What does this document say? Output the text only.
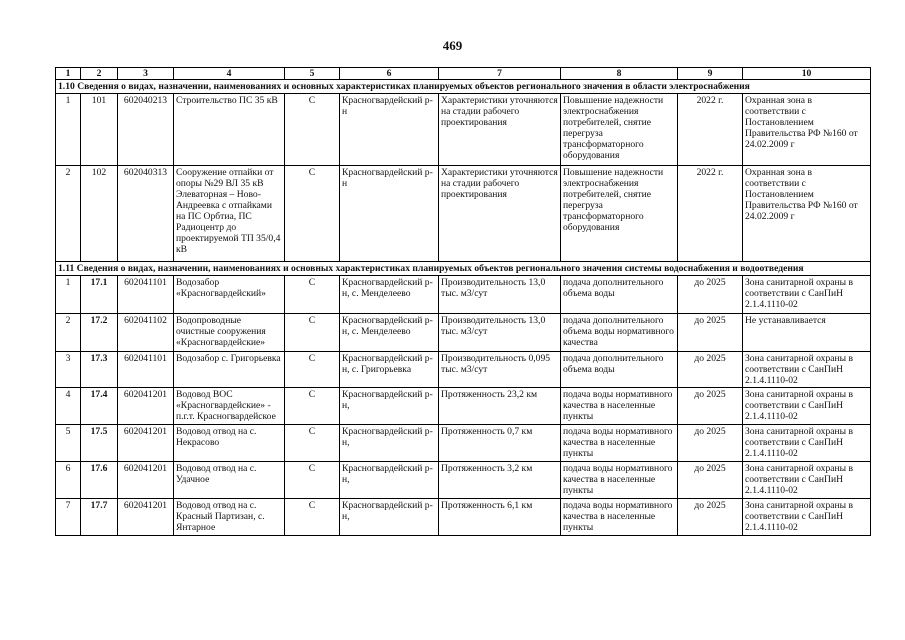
469
1	2	3	4	5	6	7	8	9	10
1.10 Сведения о видах, назначении, наименованиях и основных характеристиках планируемых объектов регионального значения в области электроснабжения									
1	101	602040213	Строительство ПС 35 кВ	С	Красногвардейский р-н	Характеристики уточняются на стадии рабочего проектирования	Повышение надежности электроснабжения потребителей, снятие перегруза трансформаторного оборудования	2022 г.	Охранная зона в соответствии с Постановлением Правительства РФ №160 от 24.02.2009 г
2	102	602040313	Сооружение отпайки от опоры №29 ВЛ 35 кВ Элеваторная – Ново-Андреевка с отпайками на ПС Орбтиа, ПС Радиоцентр до проектируемой ТП 35/0,4 кВ	С	Красногвардейский р-н	Характеристики уточняются на стадии рабочего проектирования	Повышение надежности электроснабжения потребителей, снятие перегруза трансформаторного оборудования	2022 г.	Охранная зона в соответствии с Постановлением Правительства РФ №160 от 24.02.2009 г
1.11 Сведения о видах, назначении, наименованиях и основных характеристиках планируемых объектов регионального значения системы водоснабжения и водоотведения									
1	17.1	602041101	Водозабор «Красногвардейский»	С	Красногвардейский р-н, с. Менделеево	Производительность 13,0 тыс. м3/сут	подача дополнительного объема воды	до 2025	Зона санитарной охраны в соответствии с СанПиН 2.1.4.1110-02
2	17.2	602041102	Водопроводные очистные сооружения «Красногвардейские»	С	Красногвардейский р-н, с. Менделеево	Производительность 13,0 тыс. м3/сут	подача дополнительного объема воды нормативного качества	до 2025	Не устанавливается
3	17.3	602041101	Водозабор с. Григорьевка	С	Красногвардейский р-н, с. Григорьевка	Производительность 0,095 тыс. м3/сут	подача дополнительного объема воды	до 2025	Зона санитарной охраны в соответствии с СанПиН 2.1.4.1110-02
4	17.4	602041201	Водовод ВОС «Красногвардейские» - п.г.т. Красногвардейское	С	Красногвардейский р-н,	Протяженность 23,2 км	подача воды нормативного качества в населенные пункты	до 2025	Зона санитарной охраны в соответствии с СанПиН 2.1.4.1110-02
5	17.5	602041201	Водовод отвод на с. Некрасово	С	Красногвардейский р-н,	Протяженность 0,7 км	подача воды нормативного качества в населенные пункты	до 2025	Зона санитарной охраны в соответствии с СанПиН 2.1.4.1110-02
6	17.6	602041201	Водовод отвод на с. Удачное	С	Красногвардейский р-н,	Протяженность 3,2 км	подача воды нормативного качества в населенные пункты	до 2025	Зона санитарной охраны в соответствии с СанПиН 2.1.4.1110-02
7	17.7	602041201	Водовод отвод на с. Красный Партизан, с. Янтарное	С	Красногвардейский р-н,	Протяженность 6,1 км	подача воды нормативного качества в населенные пункты	до 2025	Зона санитарной охраны в соответствии с СанПиН 2.1.4.1110-02
